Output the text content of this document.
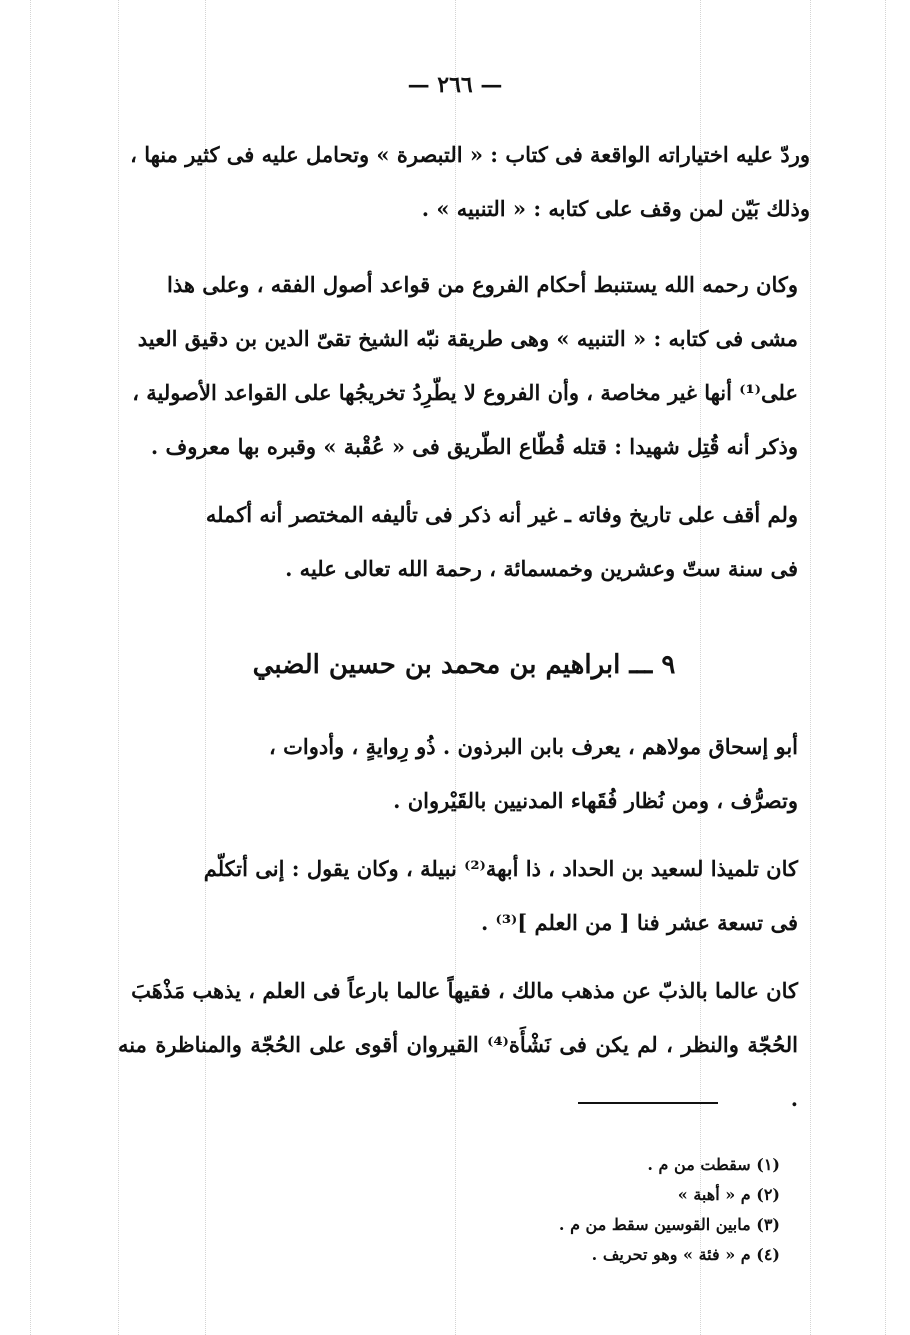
— ٢٦٦ —

وردّ عليه اختياراته الواقعة فى كتاب : « التبصرة » وتحامل عليه فى كثير منها ،
وذلك بَيّن لمن وقف على كتابه : « التنبيه » .

وكان رحمه الله يستنبط أحكام الفروع من قواعد أصول الفقه ، وعلى هذا
مشى فى كتابه : « التنبيه » وهى طريقة نبّه الشيخ تقىّ الدين بن دقيق العيد
على⁽¹⁾ أنها غير مخاصة ، وأن الفروع لا يطّرِدُ تخريجُها على القواعد الأصولية ،
وذكر أنه قُتِل شهيدا : قتله قُطّاع الطّريق فى « عُقْبة » وقبره بها معروف .

ولم أقف على تاريخ وفاته ـ غير أنه ذكر فى تأليفه المختصر أنه أكمله
فى سنة ستّ وعشرين وخمسمائة ، رحمة الله تعالى عليه .

٩ ـــ ابراهيم بن محمد بن حسين الضبي

أبو إسحاق مولاهم ، يعرف بابن البرذون . ذُو رِوايةٍ ، وأدوات ،
وتصرُّف ، ومن نُظار فُقَهاء المدنيين بالقَيْروان .

كان تلميذا لسعيد بن الحداد ، ذا أبهة⁽²⁾ نبيلة ، وكان يقول : إنى أتكلّم
فى تسعة عشر فنا [ من العلم ]⁽³⁾ .

كان عالما بالذبّ عن مذهب مالك ، فقيهاً عالما بارعاً فى العلم ، يذهب مَذْهَبَ
الحُجّة والنظر ، لم يكن فى نَشْأَة⁽⁴⁾ القيروان أقوى على الحُجّة والمناظرة منه .

(١) سقطت من م .
(٢) م « أهبة »
(٣) مابين القوسين سقط من م .
(٤) م « فئة » وهو تحريف .
